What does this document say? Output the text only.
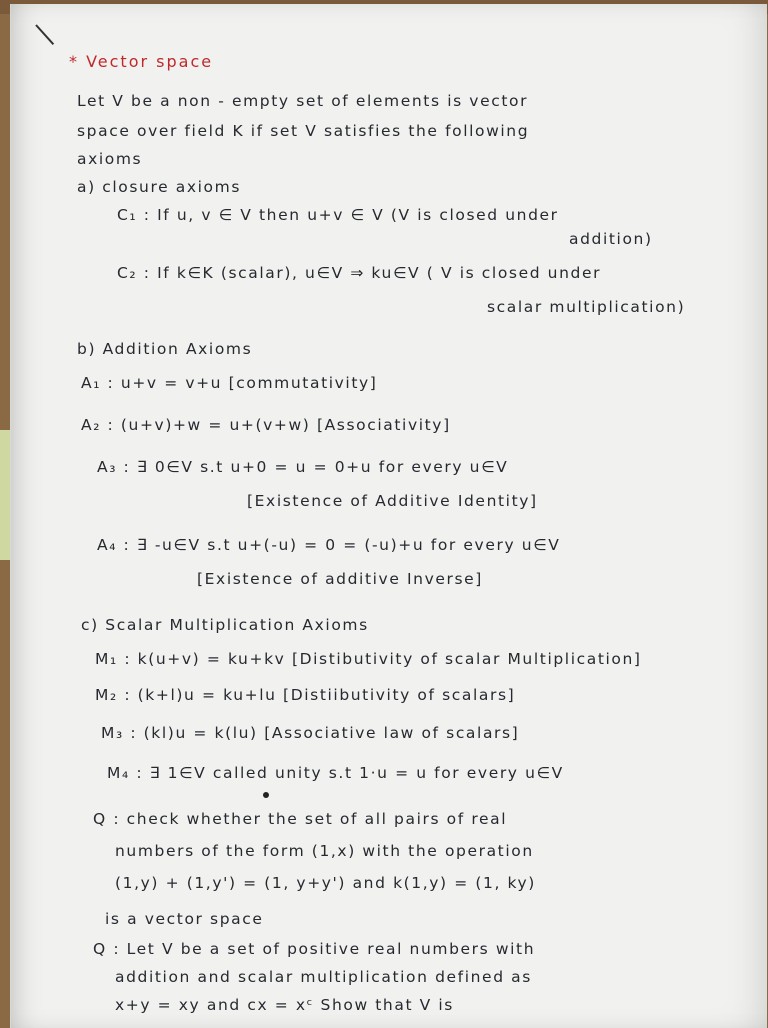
* Vector space
Let V be a non - empty set of elements is vector
space over field K if set V satisfies the following
axioms
a) closure axioms
C₁ : If u, v ∈ V then u+v ∈ V (V is closed under
addition)
C₂ : If k∈K (scalar), u∈V ⇒ ku∈V ( V is closed under
scalar multiplication)
b) Addition Axioms
A₁ : u+v = v+u [commutativity]
A₂ : (u+v)+w = u+(v+w) [Associativity]
A₃ : ∃ 0∈V s.t u+0 = u = 0+u for every u∈V
[Existence of Additive Identity]
A₄ : ∃ -u∈V s.t u+(-u) = 0 = (-u)+u for every u∈V
[Existence of additive Inverse]
c) Scalar Multiplication Axioms
M₁ : k(u+v) = ku+kv [Distibutivity of scalar Multiplication]
M₂ : (k+l)u = ku+lu [Distiibutivity of scalars]
M₃ : (kl)u = k(lu) [Associative law of scalars]
M₄ : ∃ 1∈V called unity s.t 1·u = u for every u∈V
Q : check whether the set of all pairs of real
numbers of the form (1,x) with the operation
(1,y) + (1,y') = (1, y+y') and k(1,y) = (1, ky)
is a vector space
Q : Let V be a set of positive real numbers with
addition and scalar multiplication defined as
x+y = xy and cx = xᶜ Show that V is
